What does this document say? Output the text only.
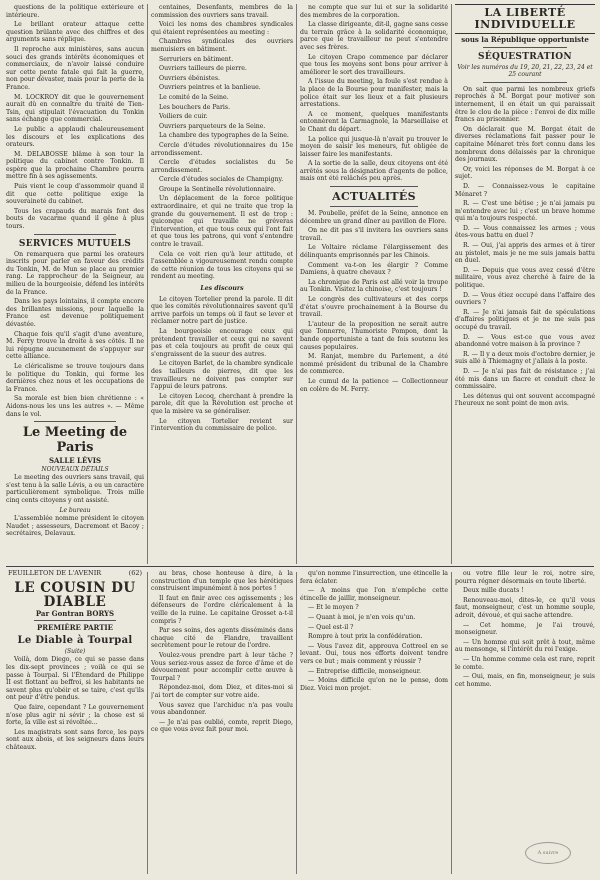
questions de la politique extérieure et intérieure.

Le brillant orateur attaque cette question brûlante avec des chiffres et des arguments sans réplique.

Il reproche aux ministères, sans aucun souci des grands intérêts économiques et commerciaux, de n'avoir laissé conduire sur cette pente fatale qui fait la guerre, non pour dévaster, mais pour la perte de la France.

M. LOCKROY dit que le gouvernement aurait dû en connaître du traité de Tien-Tsin, qui stipulait l'évacuation du Tonkin sans échange que commercial.

Le public a applaudi chaleureusement les discours et les explications des orateurs.

M. DELABOSSE blâme à son tour la politique du cabinet contre Tonkin. Il espère que la prochaine Chambre pourra mettre fin à ses agissements.

Puis vient le coup d'assommoir quand il dit que cette politique exige la souveraineté du cabinet.

Tous les crapauds du marais font des bouts de vacarme quand il gêne à plus tours.

SERVICES MUTUELS

On remarquera que parmi les orateurs inscrits pour parler en faveur des crédits du Tonkin, M. de Mun se place au premier rang. Le rapprocheur de la Seigneur, au milieu de la bourgeoisie, défend les intérêts de la France.

Dans les pays lointains, il compte encore des brillantes missions, pour laquelle la France est devenue politiquement dévastée.

Chaque fois qu'il s'agit d'une aventure, M. Ferry trouve la droite à ses côtés. Il ne lui répugne aucunement de s'appuyer sur cette alliance.

Le cléricalisme se trouve toujours dans le politique du Tonkin, qui forme les dernières chez nous et les occupations de la France.

Sa morale est bien bien chrétienne : « Aidons-nous les uns les autres ». — Même dans le vol.

Le Meeting de Paris
SALLE LÉVIS
NOUVEAUX DÉTAILS

Le meeting des ouvriers sans travail, qui s'est tenu à la salle Lévis, a eu un caractère particulièrement symbolique. Trois mille cinq cents citoyens y ont assisté.

Le bureau

L'assemblée nomme président le citoyen Naudet ; assesseurs, Dacremont et Bacoy ; secrétaires, Delavaux.

centaines, Desenfants, membres de la commission des ouvriers sans travail.

Voici les noms des chambres syndicales qui étaient représentées au meeting :

Chambres syndicales des ouvriers menuisiers en bâtiment.

Serruriers en bâtiment.

Ouvriers tailleurs de pierre.

Ouvriers ébénistes.

Ouvriers peintres et la banlieue.

Le comité de la Seine.

Les bouchers de Paris.

Voiliers de cuir.

Ouvriers parqueteurs de la Seine.

La chambre des typographes de la Seine.

Cercle d'études révolutionnaires du 15e arrondissement.

Cercle d'études socialistes du 5e arrondissement.

Cercle d'études sociales de Champigny.

Groupe la Sentinelle révolutionnaire.

Un déplacement de la force politique extraordinaire, et qui ne traite que trop la grande du gouvernement. Il est de trop : quiconque qui travaille ne gréveras l'intervention, et que tous ceux qui l'ont fait et que tous les patrons, qui vont s'entendre contre le travail.

Cela ce voit rien qu'à leur attitude, et l'assemblée a vigoureusement rendu compte de cette réunion de tous les citoyens qui se rendent au meeting.

Les discours

Le citoyen Tortelier prend la parole. Il dit que les comités révolutionnaires savent qu'il arrive parfois un temps où il faut se lever et réclamer notre part de justice.

La bourgeoisie encourage ceux qui prétendent travailler et ceux qui ne savent pas et cela toujours au profit de ceux qui s'engraissent de la sueur des autres.

Le citoyen Barlet, de la chambre syndicale des tailleurs de pierres, dit que les travailleurs ne doivent pas compter sur l'appui de leurs patrons.

Le citoyen Lecoq, cherchant à prendre la parole, dit que la Révolution est proche et que la misère va se généraliser.

Le citoyen Tortelier revient sur l'intervention du commissaire de police.

ne compte que sur lui et sur la solidarité des membres de la corporation.

La classe dirigeante, dit-il, gagne sans cesse du terrain grâce à la solidarité économique, parce que le travailleur ne peut s'entendre avec ses frères.

Le citoyen Crapo commence par déclarer que tous les moyens sont bons pour arriver à améliorer le sort des travailleurs.

A l'issue du meeting, la foule s'est rendue à la place de la Bourse pour manifester, mais la police était sur les lieux et a fait plusieurs arrestations.

A ce moment, quelques manifestants entonnèrent la Carmagnole, la Marseillaise et le Chant du départ.

La police qui jusque-là n'avait pu trouver le moyen de saisir les meneurs, fut obligée de laisser faire les manifestants.

A la sortie de la salle, deux citoyens ont été arrêtés sous la désignation d'agents de police, mais ont été relâchés peu après.

ACTUALITÉS

M. Poubelle, préfet de la Seine, annonce en décembre un grand dîner au pavillon de Flore.

On ne dit pas s'il invitera les ouvriers sans travail.

Le Voltaire réclame l'élargissement des délinquants emprisonnés par les Chinois.

Comment va-t-on les élargir ? Comme Damiens, à quatre chevaux ?

La chronique de Paris est allé voir la troupe au Tonkin. Visitez la chinoise, c'est toujours !

Le congrès des cultivateurs et des corps d'état s'ouvre prochainement à la Bourse du travail.

L'auteur de la proposition ne serait autre que Tonnerre, l'humoriste Pompon, dont la bande opportuniste a tant de fois soutenu les causes populaires.

M. Ranjat, membre du Parlement, a été nommé président du tribunal de la Chambre de commerce.

Le cumul de la patience — Collectionneur en colère de M. Ferry.

LA LIBERTÉ INDIVIDUELLE
sous la République opportuniste
SÉQUESTRATION
Voir les numéros du 19, 20, 21, 22, 23, 24 et 25 courant

On sait que parmi les nombreux griefs reprochés à M. Borgat pour motiver son internement, il en était un qui paraissait être le clou de la pièce : l'envoi de dix mille francs au prisonnier.

On déclarait que M. Borgat était de diverses réclamations fait passer pour le capitaine Ménaret très fort connu dans les nombreux dons délaissés par la chronique des journaux.

Or, voici les réponses de M. Borgat à ce sujet.

D. — Connaissez-vous le capitaine Ménaret ?

R. — C'est une bêtise ; je n'ai jamais pu m'entendre avec lui ; c'est un brave homme qui m'a toujours respecté.

D. — Vous connaissez les armes ; vous êtes-vous battu en duel ?

R. — Oui, j'ai appris des armes et à tirer au pistolet, mais je ne me suis jamais battu en duel.

D. — Depuis que vous avez cessé d'être militaire, vous avez cherché à faire de la politique.

D. — Vous étiez occupé dans l'affaire des ouvriers ?

R. — Je n'ai jamais fait de spéculations d'affaires politiques et je ne me suis pas occupé du travail.

D. — Vous est-ce que vous avez abandonné votre maison à la province ?

R. — Il y a deux mois d'octobre dernier, je suis allé à Thiemagny et j'allais à la poste.

D. — Je n'ai pas fait de résistance ; j'ai été mis dans un fiacre et conduit chez le commissaire.

Les détenus qui ont souvent accompagné l'heureux ne sont point de mon avis.

FEUILLETON DE L'AVENIR	(62)
LE COUSIN DU DIABLE
Par Gontran BORYS
PREMIÈRE PARTIE
Le Diable à Tourpal
(Suite)

Voilà, dom Diego, ce qui se passe dans les dix-sept provinces ; voilà ce qui se passe à Tourpal. Si l'Étendard de Philippe II est flottant au beffroi, si les habitants ne savent plus qu'obéir et se taire, c'est qu'ils ont peur d'être pendus.

Que faire, cependant ? Le gouvernement n'ose plus agir ni sévir ; la chose est si forte, la ville est si révoltée...

Les magistrats sont sans force, les pays sont aux abois, et les seigneurs dans leurs châteaux.

au bras, chose honteuse à dire, à la construction d'un temple que les hérétiques construisent impunément à nos portes !

Il faut en finir avec ces agissements ; les défenseurs de l'ordre cléricalement à la veille de la ruine. Le capitaine Grosset a-t-il compris ?

Par ses soins, des agents disséminés dans chaque cité de Flandre, travaillent secrètement pour le retour de l'ordre.

Voulez-vous prendre part à leur tâche ? Vous seriez-vous assez de force d'âme et de dévouement pour accomplir cette œuvre à Tourpal ?

Répondez-moi, dom Diez, et dites-moi si j'ai tort de compter sur votre aide.

Vous savez que l'archiduc n'a pas voulu vous abandonner.

— Je n'ai pas oublié, comte, reprit Diego, ce que vous avez fait pour moi.

qu'on nomme l'insurrection, une étincelle la fera éclater.

— A moins que l'on n'empêche cette étincelle de jaillir, monseigneur.

— Et le moyen ?

— Quant à moi, je n'en vois qu'un.

— Quel est-il ?

Rompre à tout prix la confédération.

— Vous l'avez dit, approuva Cottreel en se levant. Oui, tous nos efforts doivent tendre vers ce but ; mais comment y réussir ?

— Entreprise difficile, monseigneur.

— Moins difficile qu'on ne le pense, dom Diez. Voici mon projet.

ou votre fille leur le roi, notre sire, pourra régner désormais en toute liberté.

Deux mille ducats !

Renouveau-moi, dites-le, ce qu'il vous faut, monseigneur, c'est un homme souple, adroit, dévoué, et qui sache attendre.

— Cet homme, je l'ai trouvé, monseigneur.

— Un homme qui soit prêt à tout, même au mensonge, si l'intérêt du roi l'exige.

— Un homme comme cela est rare, reprit le comte.

— Oui, mais, en fin, monseigneur, je suis cet homme.

A suivre
